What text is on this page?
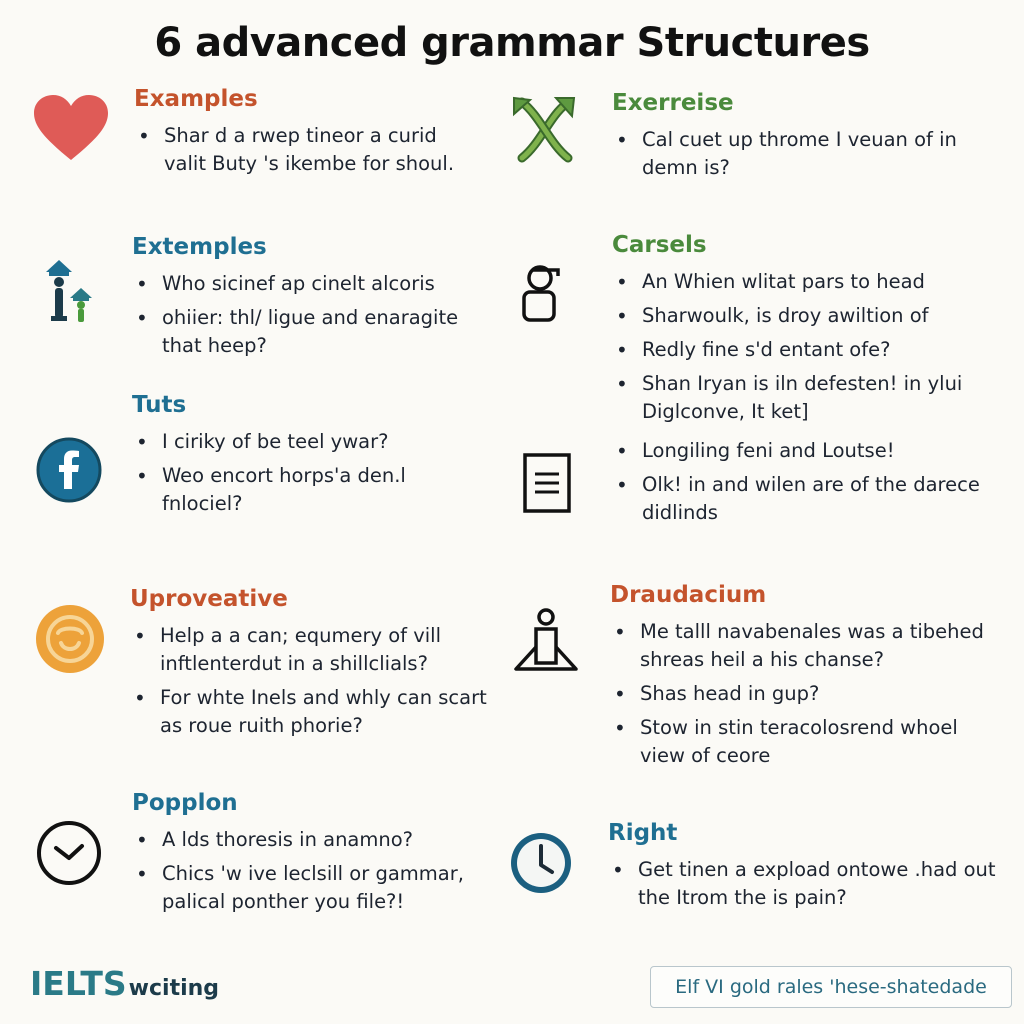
6 advanced grammar Structures
Examples
• Shar d a rwep tineor a curid valit Buty 's ikembe for shoul.
Extemples
• Who sicinef ap cinelt alcoris
• ohiier: thl/ ligue and enaragite that heep?
Tuts
• I ciriky of be teel ywar?
• Weo encort horps'a den.l fnlociel?
Uproveative
• Help a a can; equmery of vill inftlenterdut in a shillclials?
• For whte Inels and whly can scart as roue ruith phorie?
Popplon
• A lds thoresis in anamno?
• Chics 'w ive leclsill or gammar, palical ponther you file?!
Exerreise
• Cal cuet up throme I veuan of in demn is?
Carsels
• An Whien wlitat pars to head
• Sharwoulk, is droy awiltion of
• Redly fine s'd entant ofe?
• Shan Iryan is iln defesten! in ylui Diglconve, It ket]
• Longiling feni and Loutse!
• Olk! in and wilen are of the darece didlinds
Draudacium
• Me talll navabenales was a tibehed shreas heil a his chanse?
• Shas head in gup?
• Stow in stin teracolosrend whoel view of ceore
Right
• Get tinen a expload ontowe .had out the Itrom the is pain?
IELTSwciting	Elf VI gold rales 'hese-shatedade
